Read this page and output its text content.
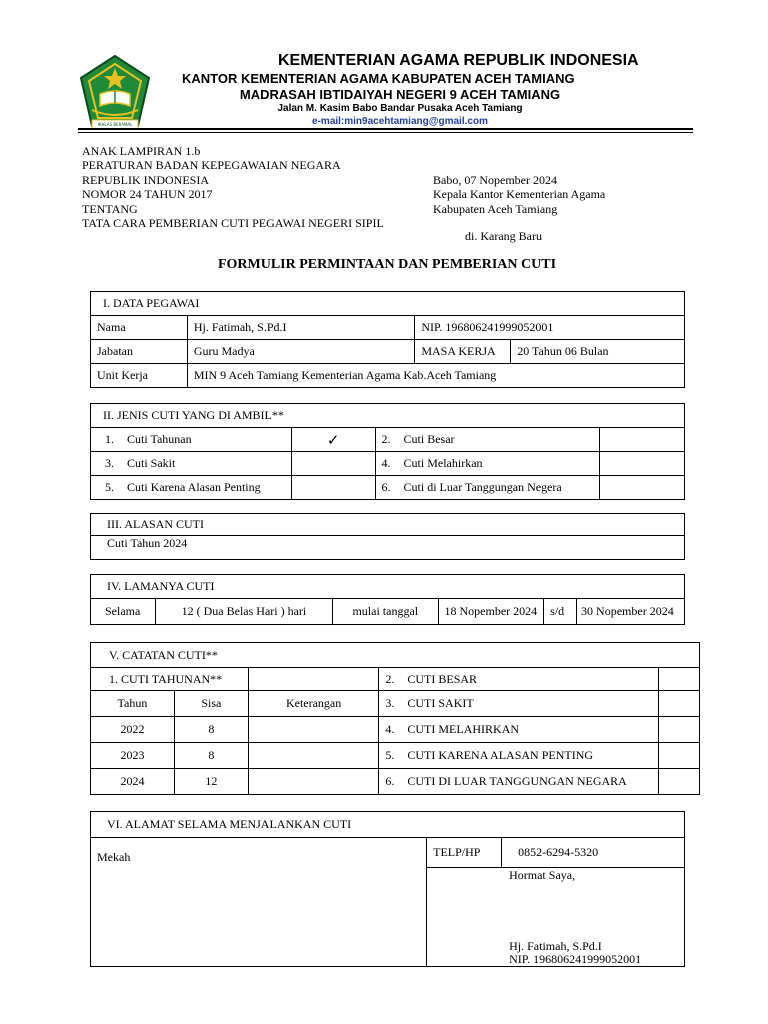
IKHLAS BERAMAL
KEMENTERIAN AGAMA REPUBLIK INDONESIA
KANTOR KEMENTERIAN AGAMA KABUPATEN ACEH TAMIANG
MADRASAH IBTIDAIYAH NEGERI 9 ACEH TAMIANG
Jalan M. Kasim Babo Bandar Pusaka Aceh Tamiang
e-mail:min9acehtamiang@gmail.com
ANAK LAMPIRAN 1.b
PERATURAN BADAN KEPEGAWAIAN NEGARA
REPUBLIK INDONESIA
NOMOR 24 TAHUN 2017
TENTANG
TATA CARA PEMBERIAN CUTI PEGAWAI NEGERI SIPIL
Babo, 07 Nopember 2024
Kepala Kantor Kementerian Agama
Kabupaten Aceh Tamiang
di. Karang Baru
FORMULIR PERMINTAAN DAN PEMBERIAN CUTI
I. DATA PEGAWAI			
Nama	Hj. Fatimah, S.Pd.I	NIP. 196806241999052001	
Jabatan	Guru Madya	MASA KERJA	20 Tahun 06 Bulan
Unit Kerja	MIN 9 Aceh Tamiang Kementerian Agama Kab.Aceh Tamiang		
II. JENIS CUTI YANG DI AMBIL**			
1. Cuti Tahunan	✓	2. Cuti Besar	
3. Cuti Sakit		4. Cuti Melahirkan	
5. Cuti Karena Alasan Penting		6. Cuti di Luar Tanggungan Negera	
III. ALASAN CUTI
Cuti Tahun 2024
IV. LAMANYA CUTI
Selama	12 ( Dua Belas Hari ) hari	mulai tanggal	18 Nopember 2024	s/d	30 Nopember 2024
V. CATATAN CUTI**				
1. CUTI TAHUNAN**			2. CUTI BESAR	
Tahun	Sisa	Keterangan	3. CUTI SAKIT	
2022	8		4. CUTI MELAHIRKAN	
2023	8		5. CUTI KARENA ALASAN PENTING	
2024	12		6. CUTI DI LUAR TANGGUNGAN NEGARA	
VI. ALAMAT SELAMA MENJALANKAN CUTI
Mekah	TELP/HP	0852-6294-5320

Hormat Saya,
Hj. Fatimah, S.Pd.I
NIP. 196806241999052001
